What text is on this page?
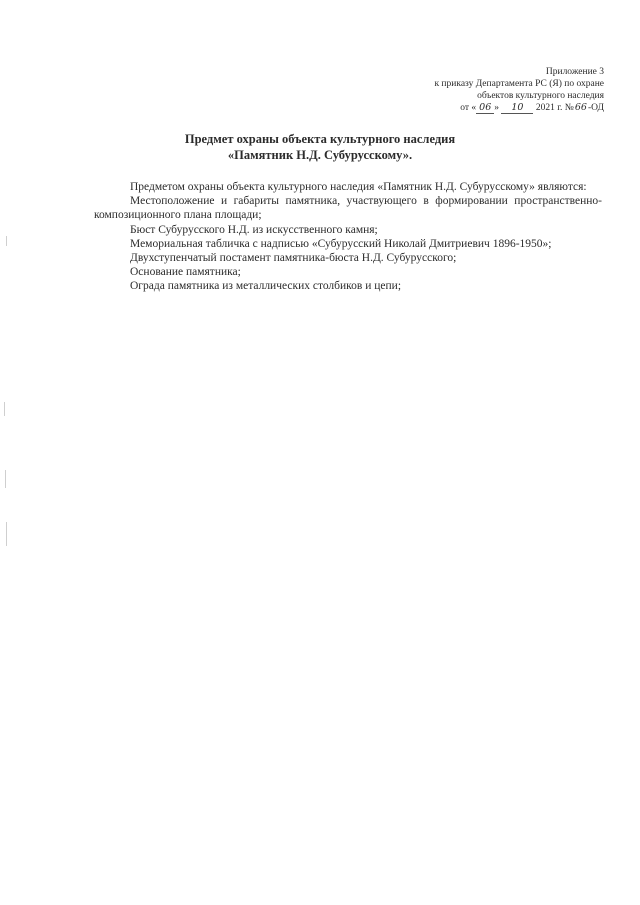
Приложение 3
к приказу Департамента РС (Я) по охране
объектов культурного наследия
от « 06 » 10 2021 г. №66-ОД
Предмет охраны объекта культурного наследия
«Памятник Н.Д. Субурусскому».

Предметом охраны объекта культурного наследия «Памятник Н.Д. Субурусскому» являются:

Местоположение и габариты памятника, участвующего в формировании пространственно-композиционного плана площади;

Бюст Субурусского Н.Д. из искусственного камня;

Мемориальная табличка с надписью «Субурусский Николай Дмитриевич 1896-1950»;

Двухступенчатый постамент памятника-бюста Н.Д. Субурусского;

Основание памятника;

Ограда памятника из металлических столбиков и цепи;
